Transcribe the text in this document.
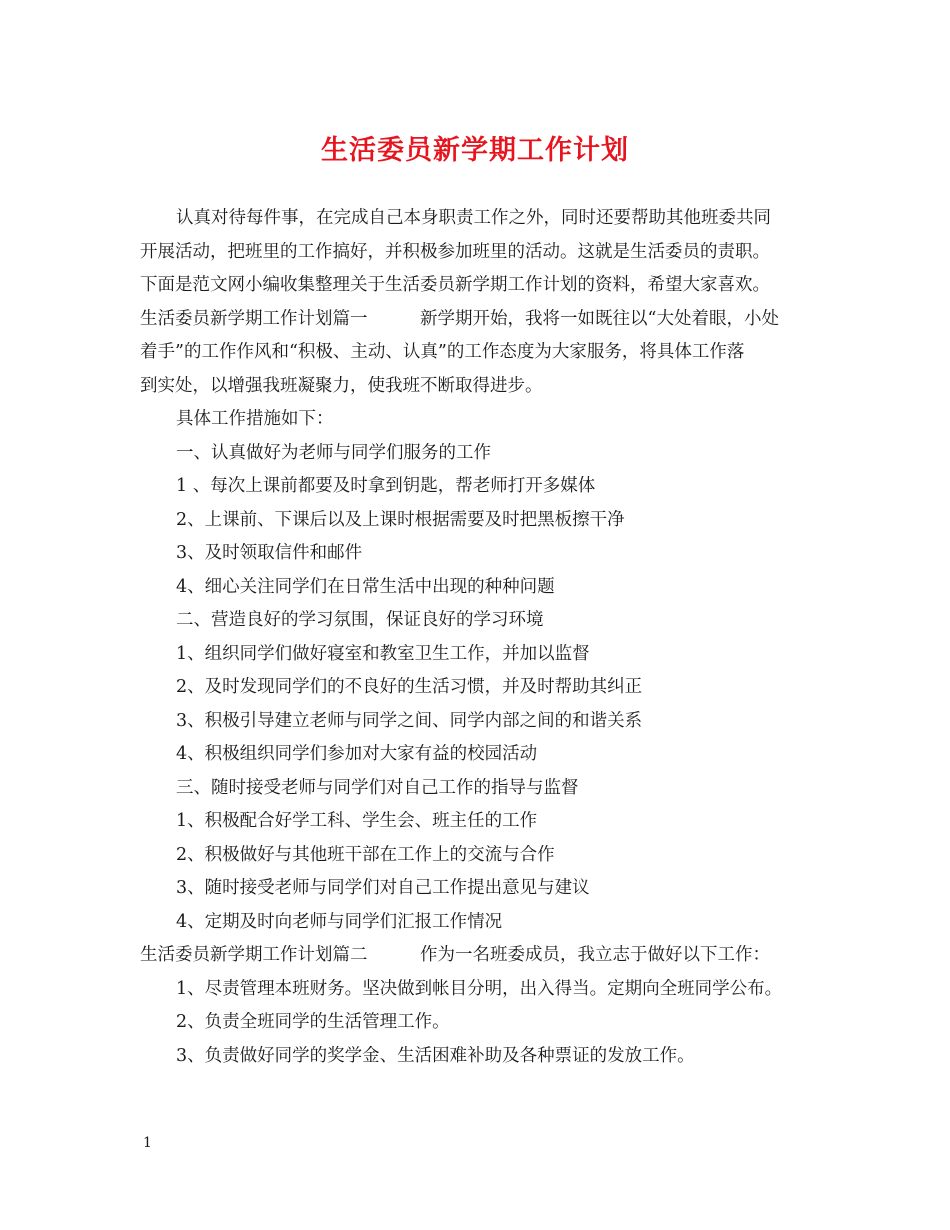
生活委员新学期工作计划
认真对待每件事，在完成自己本身职责工作之外，同时还要帮助其他班委共同
开展活动，把班里的工作搞好，并积极参加班里的活动。这就是生活委员的责职。
下面是范文网小编收集整理关于生活委员新学期工作计划的资料，希望大家喜欢。
生活委员新学期工作计划篇一　　　新学期开始，我将一如既往以“大处着眼，小处
着手”的工作作风和“积极、主动、认真”的工作态度为大家服务，将具体工作落
到实处，以增强我班凝聚力，使我班不断取得进步。
具体工作措施如下：
一、认真做好为老师与同学们服务的工作
1 、每次上课前都要及时拿到钥匙，帮老师打开多媒体
2、上课前、下课后以及上课时根据需要及时把黑板擦干净
3、及时领取信件和邮件
4、细心关注同学们在日常生活中出现的种种问题
二、营造良好的学习氛围，保证良好的学习环境
1、组织同学们做好寝室和教室卫生工作，并加以监督
2、及时发现同学们的不良好的生活习惯，并及时帮助其纠正
3、积极引导建立老师与同学之间、同学内部之间的和谐关系
4、积极组织同学们参加对大家有益的校园活动
三、随时接受老师与同学们对自己工作的指导与监督
1、积极配合好学工科、学生会、班主任的工作
2、积极做好与其他班干部在工作上的交流与合作
3、随时接受老师与同学们对自己工作提出意见与建议
4、定期及时向老师与同学们汇报工作情况
生活委员新学期工作计划篇二　　　作为一名班委成员，我立志于做好以下工作：
1、尽责管理本班财务。坚决做到帐目分明，出入得当。定期向全班同学公布。
2、负责全班同学的生活管理工作。
3、负责做好同学的奖学金、生活困难补助及各种票证的发放工作。
1
